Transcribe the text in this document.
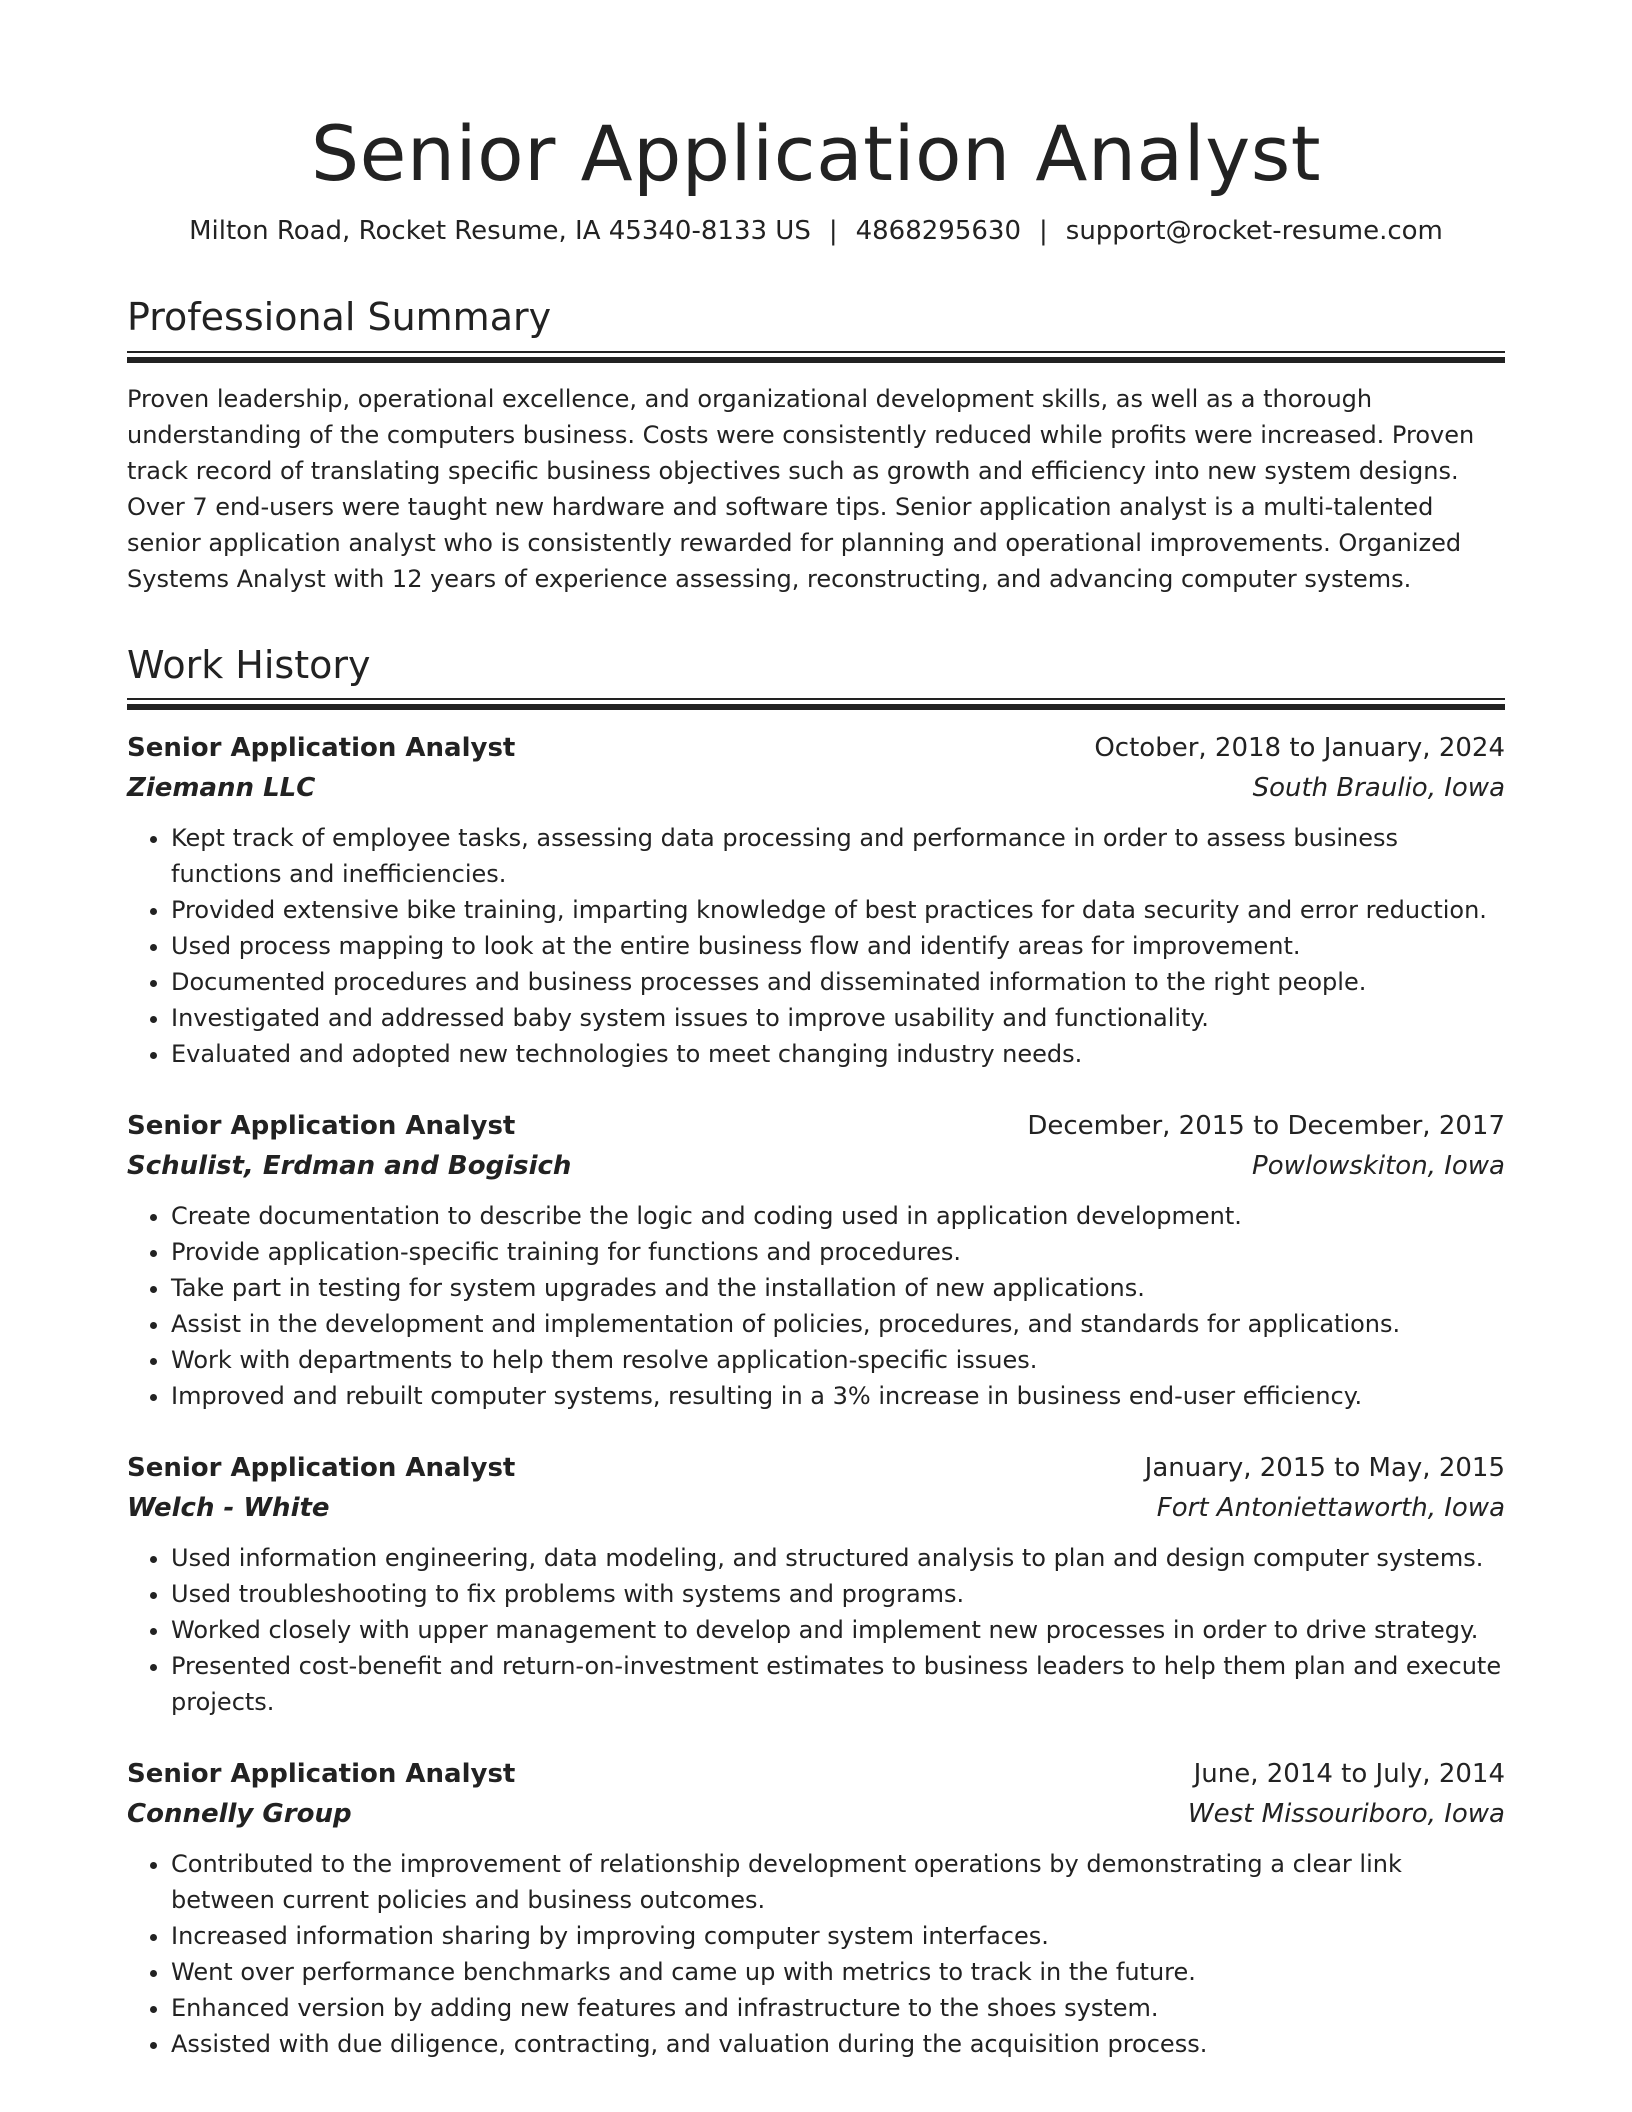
Senior Application Analyst
Milton Road, Rocket Resume, IA 45340-8133 US | 4868295630 | support@rocket-resume.com
Professional Summary

Proven leadership, operational excellence, and organizational development skills, as well as a thorough understanding of the computers business. Costs were consistently reduced while profits were increased. Proven track record of translating specific business objectives such as growth and efficiency into new system designs. Over 7 end-users were taught new hardware and software tips. Senior application analyst is a multi-talented senior application analyst who is consistently rewarded for planning and operational improvements. Organized Systems Analyst with 12 years of experience assessing, reconstructing, and advancing computer systems.

Work History
Senior Application Analyst	October, 2018 to January, 2024
Ziemann LLC	South Braulio, Iowa
• Kept track of employee tasks, assessing data processing and performance in order to assess business functions and inefficiencies.
• Provided extensive bike training, imparting knowledge of best practices for data security and error reduction.
• Used process mapping to look at the entire business flow and identify areas for improvement.
• Documented procedures and business processes and disseminated information to the right people.
• Investigated and addressed baby system issues to improve usability and functionality.
• Evaluated and adopted new technologies to meet changing industry needs.
Senior Application Analyst	December, 2015 to December, 2017
Schulist, Erdman and Bogisich	Powlowskiton, Iowa
• Create documentation to describe the logic and coding used in application development.
• Provide application-specific training for functions and procedures.
• Take part in testing for system upgrades and the installation of new applications.
• Assist in the development and implementation of policies, procedures, and standards for applications.
• Work with departments to help them resolve application-specific issues.
• Improved and rebuilt computer systems, resulting in a 3% increase in business end-user efficiency.
Senior Application Analyst	January, 2015 to May, 2015
Welch - White	Fort Antoniettaworth, Iowa
• Used information engineering, data modeling, and structured analysis to plan and design computer systems.
• Used troubleshooting to fix problems with systems and programs.
• Worked closely with upper management to develop and implement new processes in order to drive strategy.
• Presented cost-benefit and return-on-investment estimates to business leaders to help them plan and execute projects.
Senior Application Analyst	June, 2014 to July, 2014
Connelly Group	West Missouriboro, Iowa
• Contributed to the improvement of relationship development operations by demonstrating a clear link between current policies and business outcomes.
• Increased information sharing by improving computer system interfaces.
• Went over performance benchmarks and came up with metrics to track in the future.
• Enhanced version by adding new features and infrastructure to the shoes system.
• Assisted with due diligence, contracting, and valuation during the acquisition process.
